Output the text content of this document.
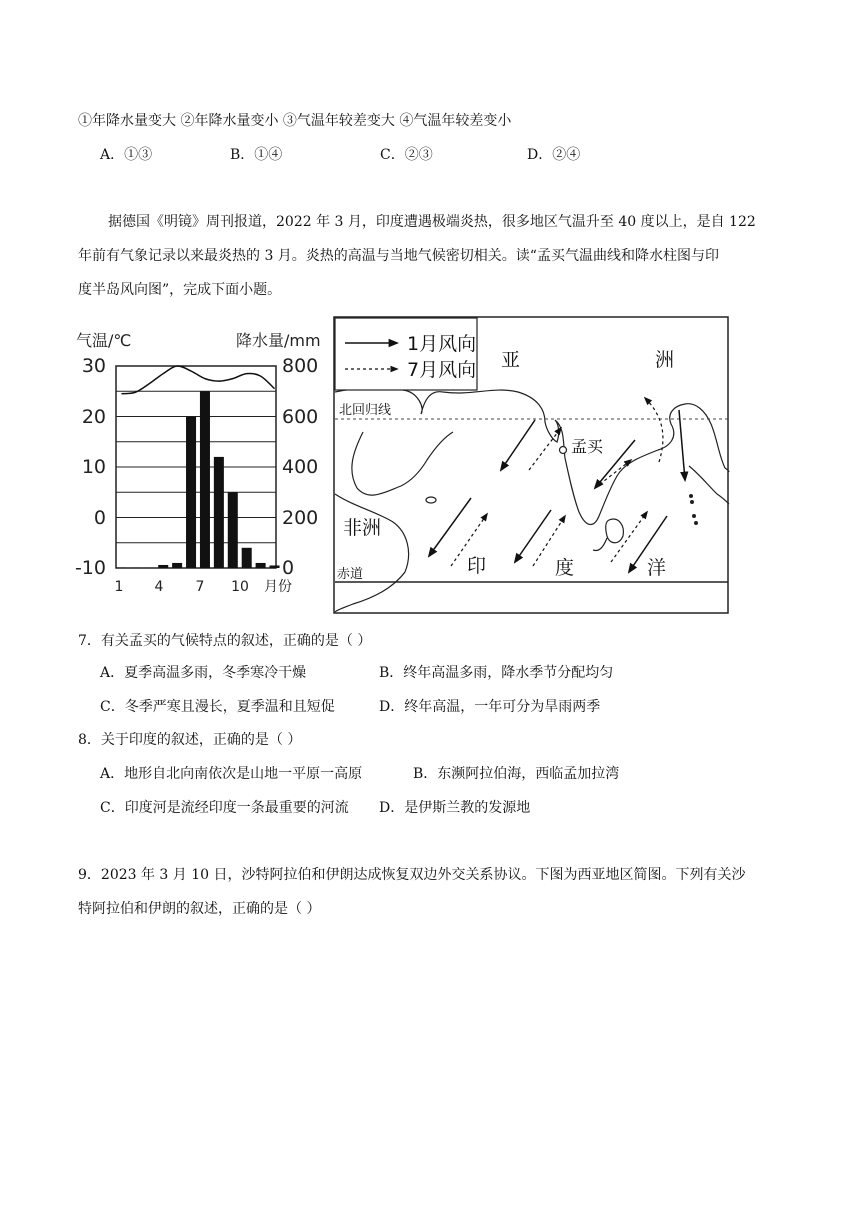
①年降水量变大 ②年降水量变小 ③气温年较差变大 ④气温年较差变小
A．①③	B．①④	C．②③	D．②④
据德国《明镜》周刊报道，2022 年 3 月，印度遭遇极端炎热，很多地区气温升至 40 度以上，是自 122
年前有气象记录以来最炎热的 3 月。炎热的高温与当地气候密切相关。读“孟买气温曲线和降水柱图与印
度半岛风向图”，完成下面小题。
气温/℃	降水量/mm
30
20
10
0
-10
800
600
400
200
0
1 4 7 10 月份
1月风向
7月风向 亚	洲
北回归线
孟买
非洲
赤道	印	度	洋
7．有关孟买的气候特点的叙述，正确的是（ ）
A．夏季高温多雨，冬季寒冷干燥	B．终年高温多雨，降水季节分配均匀
C．冬季严寒且漫长，夏季温和且短促	D．终年高温，一年可分为旱雨两季
8．关于印度的叙述，正确的是（ ）
A．地形自北向南依次是山地一平原一高原	B．东濒阿拉伯海，西临孟加拉湾
C．印度河是流经印度一条最重要的河流 D．是伊斯兰教的发源地
9．2023 年 3 月 10 日，沙特阿拉伯和伊朗达成恢复双边外交关系协议。下图为西亚地区简图。下列有关沙
特阿拉伯和伊朗的叙述，正确的是（ ）
